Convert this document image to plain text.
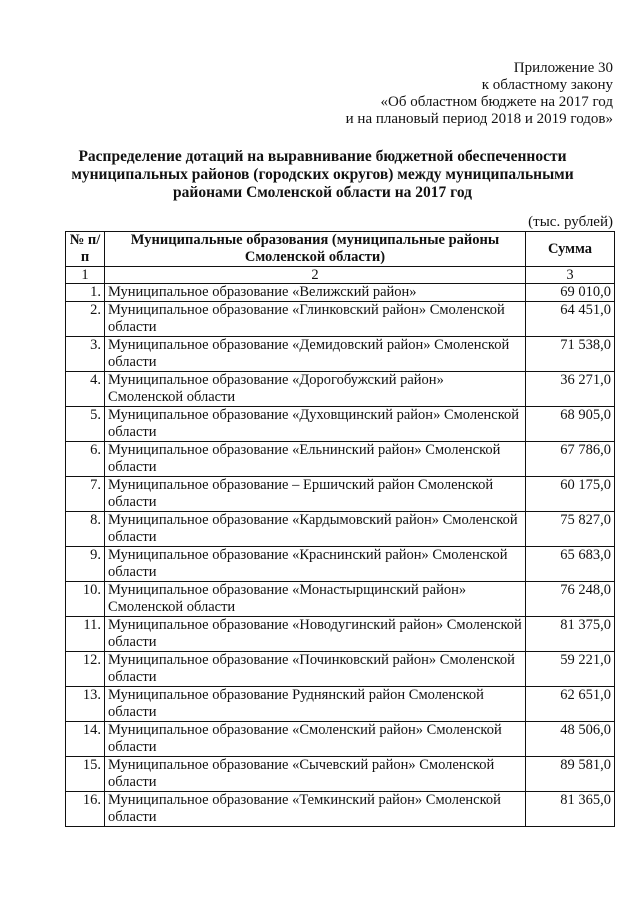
Приложение 30
к областному закону
«Об областном бюджете на 2017 год
и на плановый период 2018 и 2019 годов»
Распределение дотаций на выравнивание бюджетной обеспеченности
муниципальных районов (городских округов) между муниципальными
районами Смоленской области на 2017 год
(тыс. рублей)
№ п/п	Муниципальные образования (муниципальные районы Смоленской области)	Сумма
1	2	3
1.	Муниципальное образование «Велижский район»	69 010,0
2.	Муниципальное образование «Глинковский район» Смоленской области	64 451,0
3.	Муниципальное образование «Демидовский район» Смоленской области	71 538,0
4.	Муниципальное образование «Дорогобужский район» Смоленской области	36 271,0
5.	Муниципальное образование «Духовщинский район» Смоленской области	68 905,0
6.	Муниципальное образование «Ельнинский район» Смоленской области	67 786,0
7.	Муниципальное образование – Ершичский район Смоленской области	60 175,0
8.	Муниципальное образование «Кардымовский район» Смоленской области	75 827,0
9.	Муниципальное образование «Краснинский район» Смоленской области	65 683,0
10.	Муниципальное образование «Монастырщинский район» Смоленской области	76 248,0
11.	Муниципальное образование «Новодугинский район» Смоленской области	81 375,0
12.	Муниципальное образование «Починковский район» Смоленской области	59 221,0
13.	Муниципальное образование Руднянский район Смоленской области	62 651,0
14.	Муниципальное образование «Смоленский район» Смоленской области	48 506,0
15.	Муниципальное образование «Сычевский район» Смоленской области	89 581,0
16.	Муниципальное образование «Темкинский район» Смоленской области	81 365,0
